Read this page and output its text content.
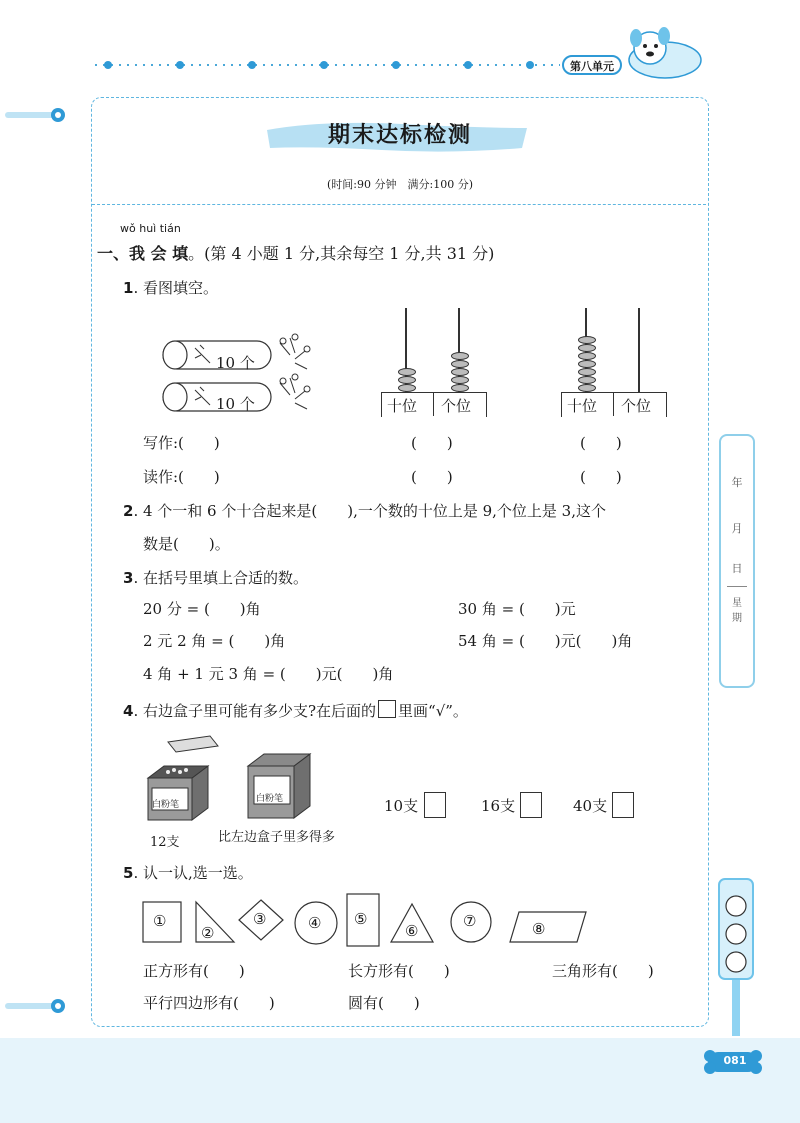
第八单元
081
年
月
日
星期
期末达标检测
(时间:90 分钟　满分:100 分)
wǒ huì tián
一、我 会 填。(第 4 小题 1 分,其余每空 1 分,共 31 分)
1. 看图填空。
10 个
10 个	十位 个位	十位 个位
写作:(　　)	(　　)	(　　)
读作:(　　)	(　　)	(　　)
2. 4 个一和 6 个十合起来是(　　),一个数的十位上是 9,个位上是 3,这个
数是(　　)。
3. 在括号里填上合适的数。
20 分 = (　　)角	30 角 = (　　)元
2 元 2 角 = (　　)角	54 角 = (　　)元(　　)角
4 角 + 1 元 3 角 = (　　)元(　　)角
4. 右边盒子里可能有多少支?在后面的 里画“√”。
白粉笔
白粉笔
12支	比左边盒子里多得多
10支	16支	40支
5. 认一认,选一选。
①
②
③	④ ⑤
⑥
⑦	⑧
正方形有(　　)	长方形有(　　)	三角形有(　　)
平行四边形有(　　)	圆有(　　)
